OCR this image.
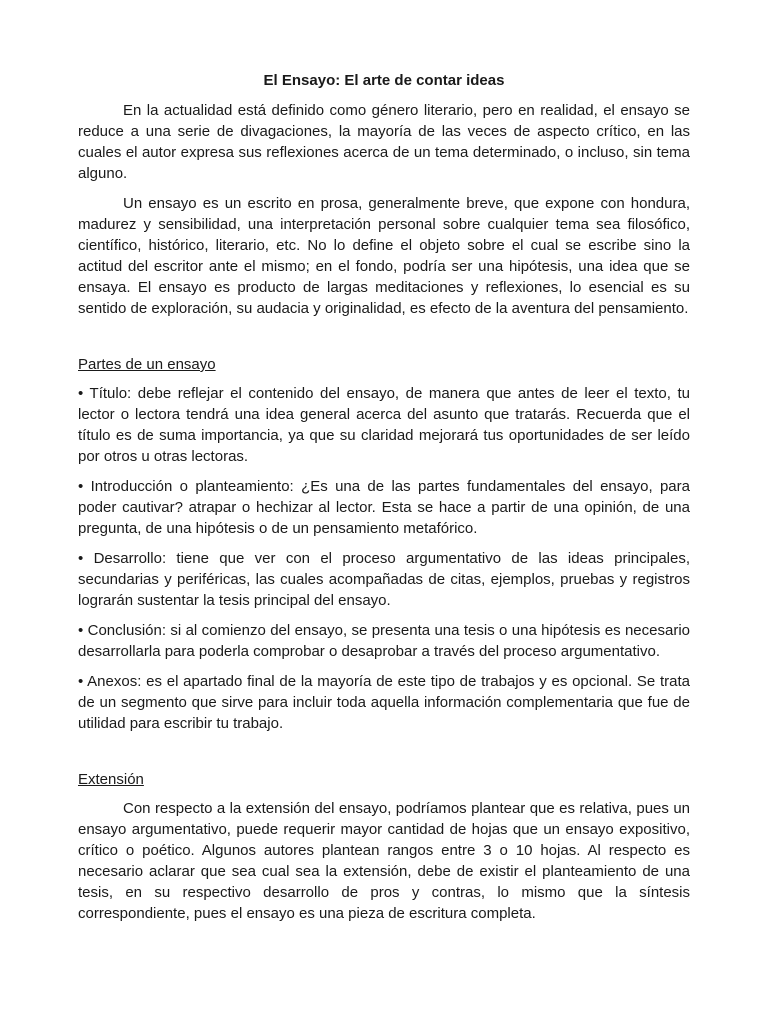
El Ensayo: El arte de contar ideas

En la actualidad está definido como género literario, pero en realidad, el ensayo se reduce a una serie de divagaciones, la mayoría de las veces de aspecto crítico, en las cuales el autor expresa sus reflexiones acerca de un tema determinado, o incluso, sin tema alguno.

Un ensayo es un escrito en prosa, generalmente breve, que expone con hondura, madurez y sensibilidad, una interpretación personal sobre cualquier tema sea filosófico, científico, histórico, literario, etc. No lo define el objeto sobre el cual se escribe sino la actitud del escritor ante el mismo; en el fondo, podría ser una hipótesis, una idea que se ensaya. El ensayo es producto de largas meditaciones y reflexiones, lo esencial es su sentido de exploración, su audacia y originalidad, es efecto de la aventura del pensamiento.

Partes de un ensayo

• Título: debe reflejar el contenido del ensayo, de manera que antes de leer el texto, tu lector o lectora tendrá una idea general acerca del asunto que tratarás. Recuerda que el título es de suma importancia, ya que su claridad mejorará tus oportunidades de ser leído por otros u otras lectoras.

• Introducción o planteamiento: ¿Es una de las partes fundamentales del ensayo, para poder cautivar? atrapar o hechizar al lector. Esta se hace a partir de una opinión, de una pregunta, de una hipótesis o de un pensamiento metafórico.

• Desarrollo: tiene que ver con el proceso argumentativo de las ideas principales, secundarias y periféricas, las cuales acompañadas de citas, ejemplos, pruebas y registros lograrán sustentar la tesis principal del ensayo.

• Conclusión: si al comienzo del ensayo, se presenta una tesis o una hipótesis es necesario desarrollarla para poderla comprobar o desaprobar a través del proceso argumentativo.

• Anexos: es el apartado final de la mayoría de este tipo de trabajos y es opcional. Se trata de un segmento que sirve para incluir toda aquella información complementaria que fue de utilidad para escribir tu trabajo.

Extensión

Con respecto a la extensión del ensayo, podríamos plantear que es relativa, pues un ensayo argumentativo, puede requerir mayor cantidad de hojas que un ensayo expositivo, crítico o poético. Algunos autores plantean rangos entre 3 o 10 hojas. Al respecto es necesario aclarar que sea cual sea la extensión, debe de existir el planteamiento de una tesis, en su respectivo desarrollo de pros y contras, lo mismo que la síntesis correspondiente, pues el ensayo es una pieza de escritura completa.
